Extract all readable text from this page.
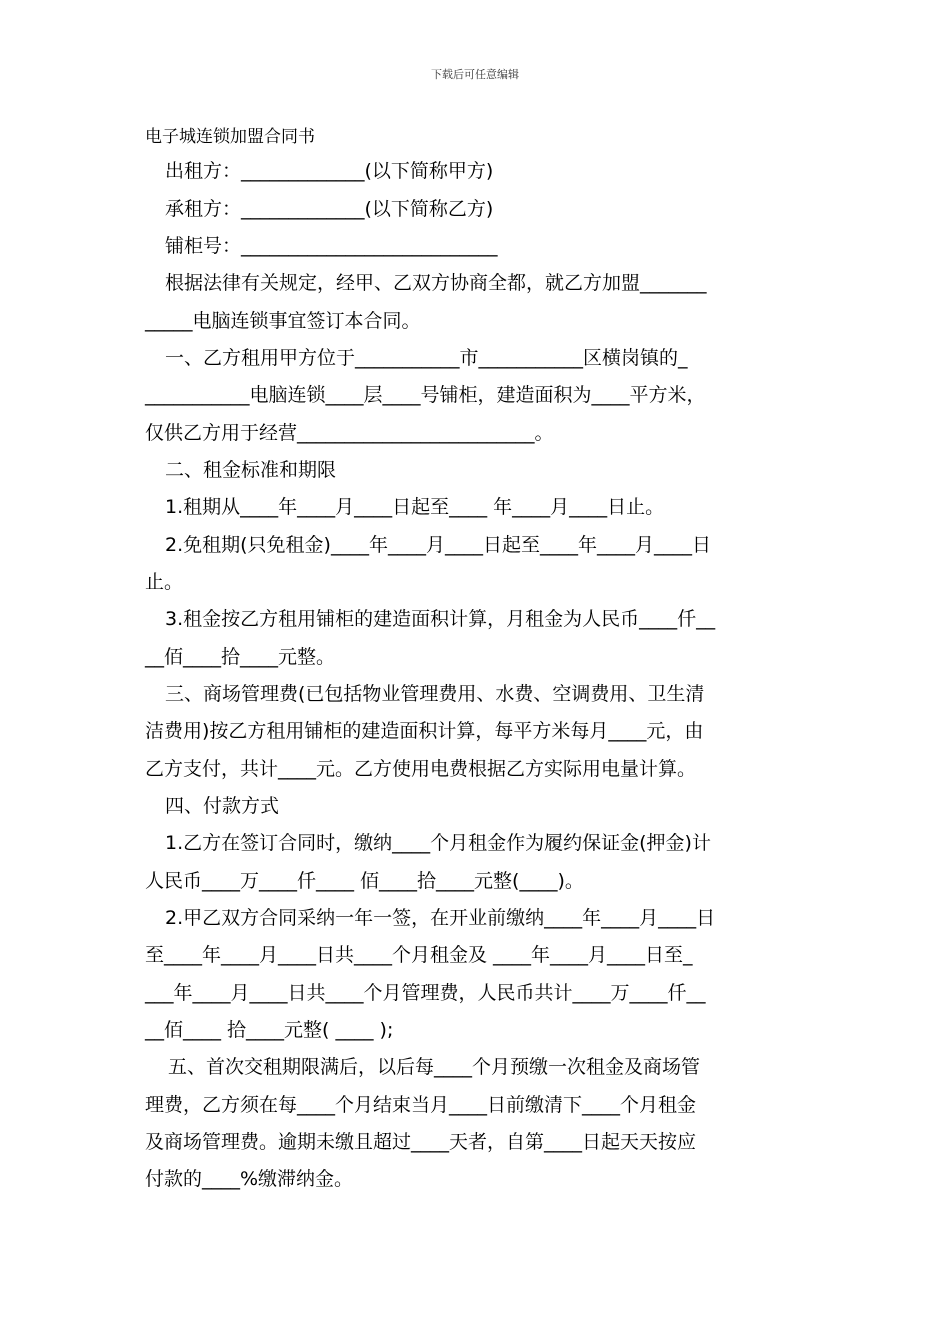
下载后可任意编辑
电子城连锁加盟合同书
出租方：_____________(以下简称甲方)
承租方：_____________(以下简称乙方)
铺柜号：___________________________
根据法律有关规定，经甲、乙双方协商全都，就乙方加盟_______
_____电脑连锁事宜签订本合同。
一、乙方租用甲方位于___________市___________区横岗镇的_
___________电脑连锁____层____号铺柜，建造面积为____平方米，
仅供乙方用于经营_________________________。
二、租金标准和期限
1.租期从____年____月____日起至____ 年____月____日止。
2.免租期(只免租金)____年____月____日起至____年____月____日
止。
3.租金按乙方租用铺柜的建造面积计算，月租金为人民币____仟__
__佰____拾____元整。
三、商场管理费(已包括物业管理费用、水费、空调费用、卫生清
洁费用)按乙方租用铺柜的建造面积计算，每平方米每月____元，由
乙方支付，共计____元。乙方使用电费根据乙方实际用电量计算。
四、付款方式
1.乙方在签订合同时，缴纳____个月租金作为履约保证金(押金)计
人民币____万____仟____ 佰____拾____元整(____)。
2.甲乙双方合同采纳一年一签，在开业前缴纳____年____月____日
至____年____月____日共____个月租金及 ____年____月____日至_
___年____月____日共____个月管理费，人民币共计____万____仟__
__佰____ 拾____元整( ____ );
五、首次交租期限满后，以后每____个月预缴一次租金及商场管
理费，乙方须在每____个月结束当月____日前缴清下____个月租金
及商场管理费。逾期未缴且超过____天者，自第____日起天天按应
付款的____%缴滞纳金。
